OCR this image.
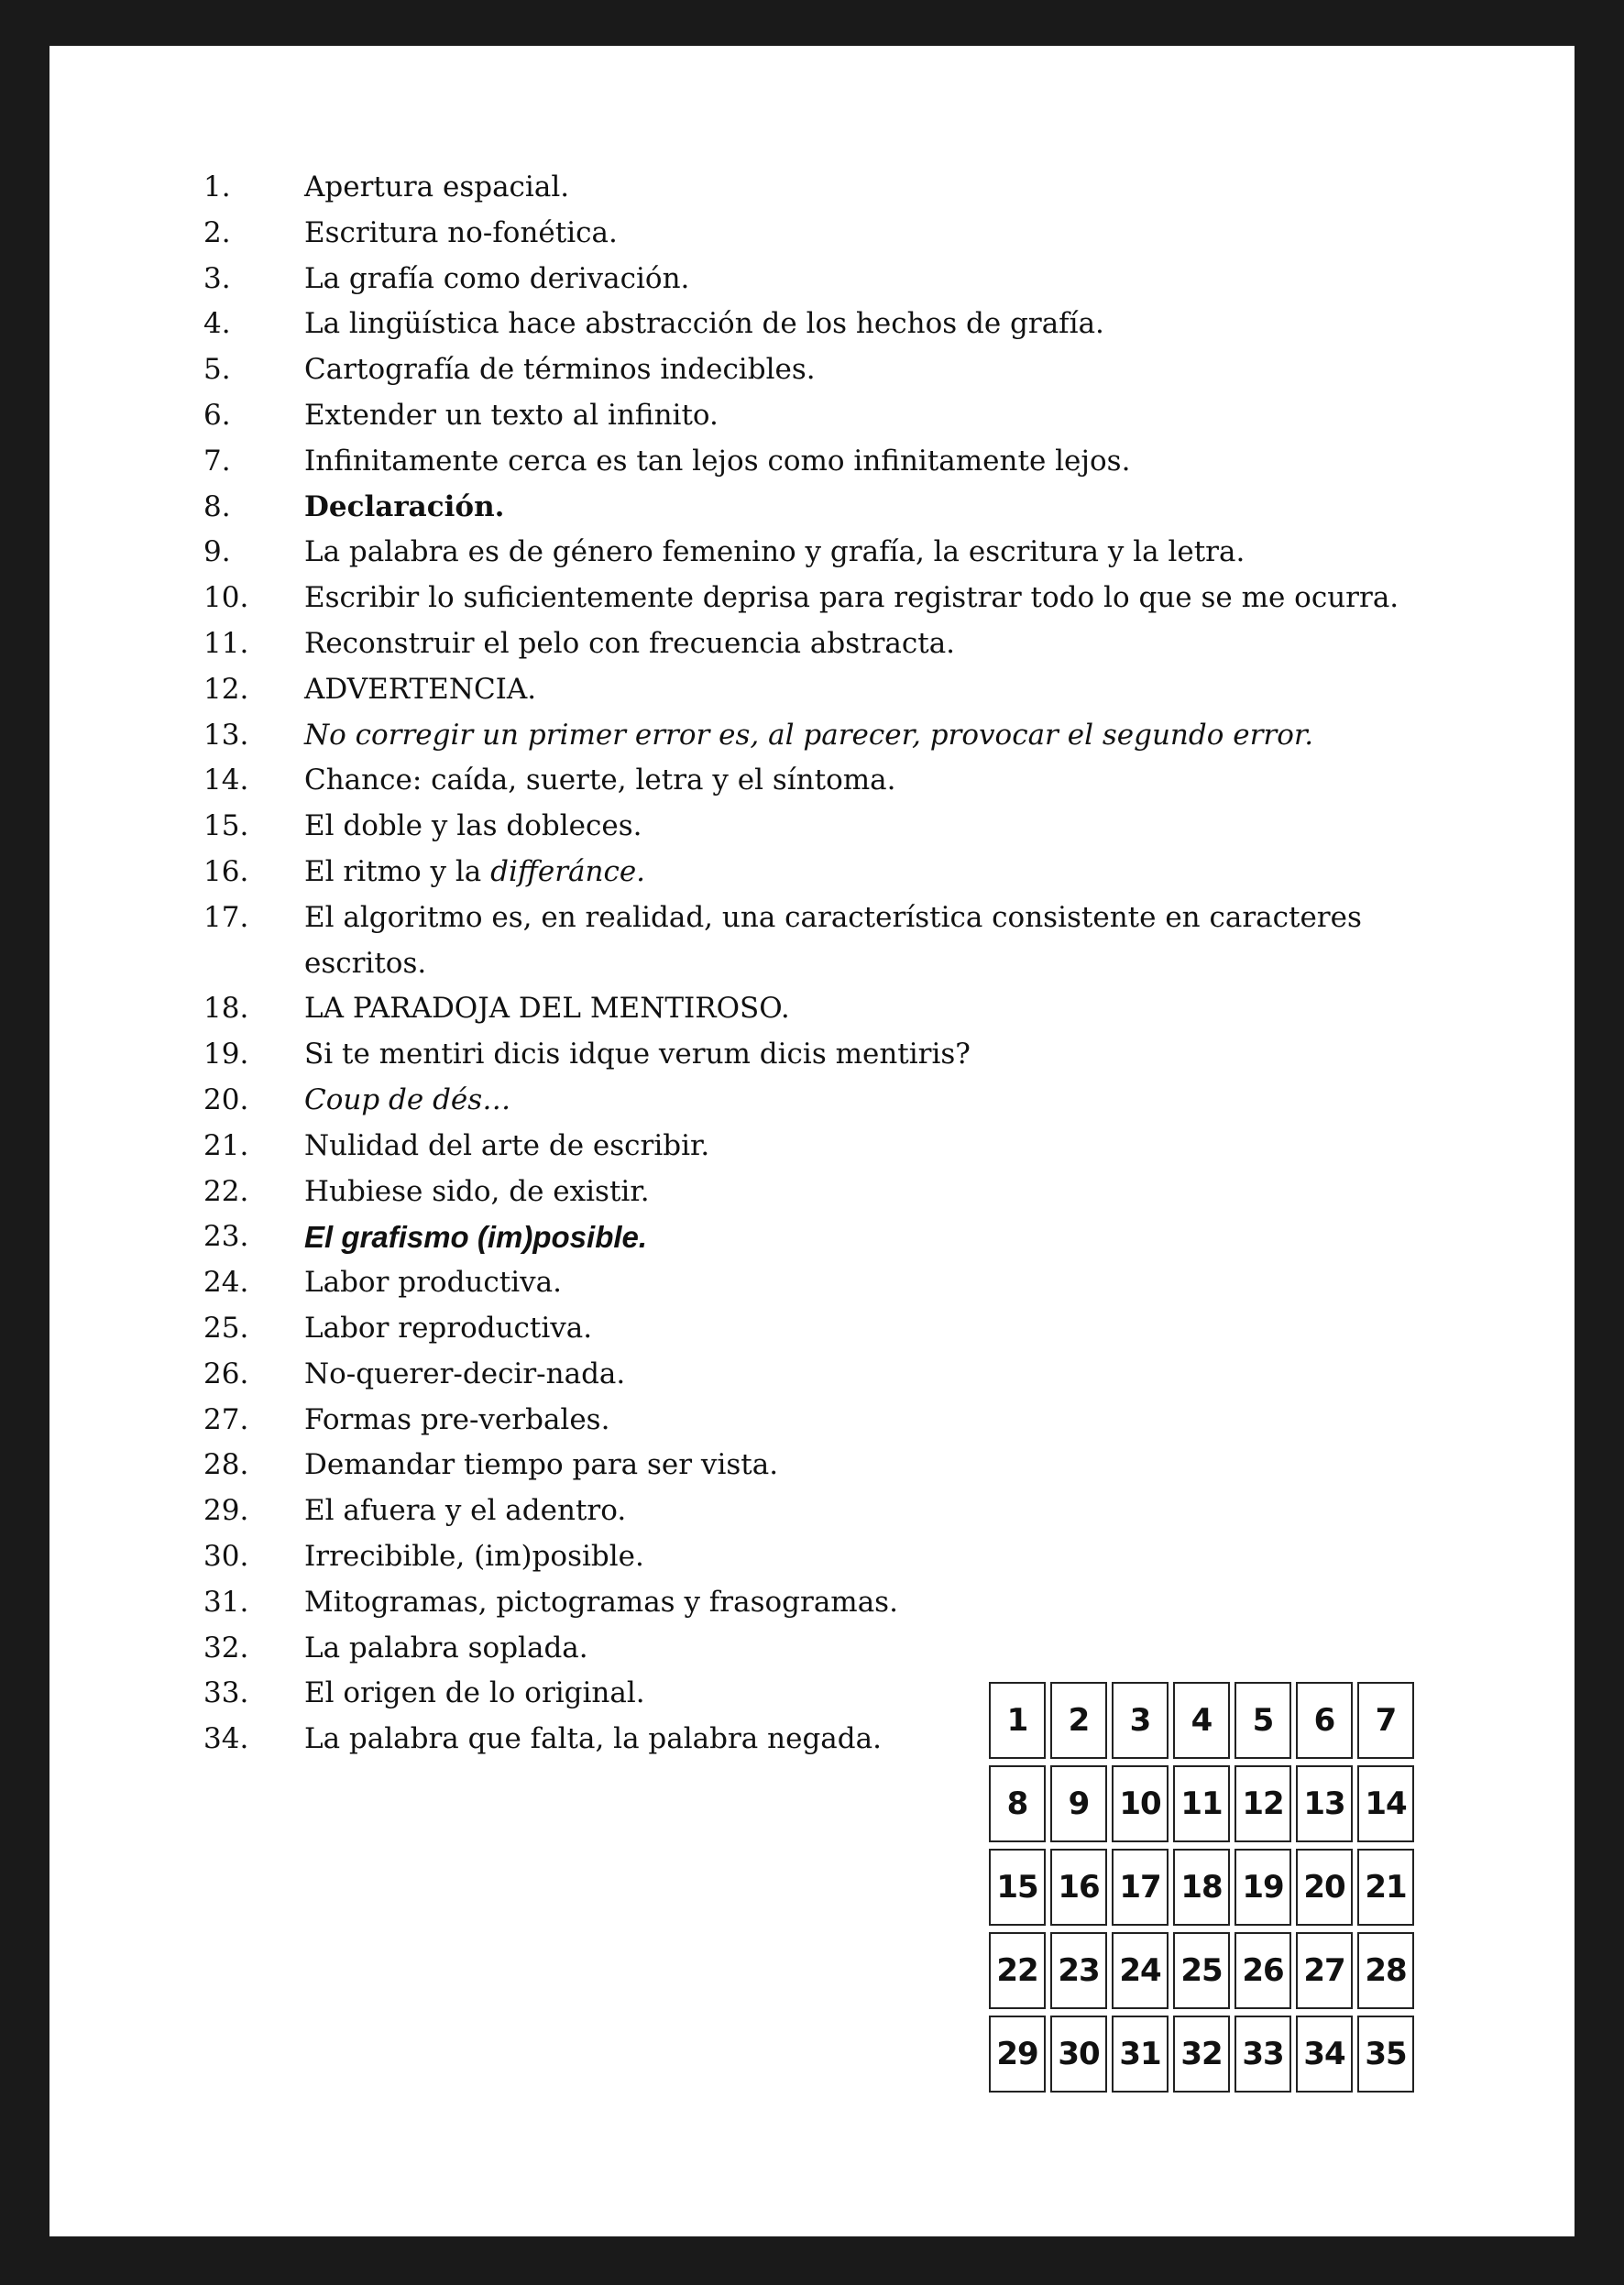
1.	Apertura espacial.
2.	Escritura no-fonética.
3.	La grafía como derivación.
4.	La lingüística hace abstracción de los hechos de grafía.
5.	Cartografía de términos indecibles.
6.	Extender un texto al infinito.
7.	Infinitamente cerca es tan lejos como infinitamente lejos.
8.	Declaración.
9.	La palabra es de género femenino y grafía, la escritura y la letra.
10.	Escribir lo suficientemente deprisa para registrar todo lo que se me ocurra.
11.	Reconstruir el pelo con frecuencia abstracta.
12.	ADVERTENCIA.
13.	No corregir un primer error es, al parecer, provocar el segundo error.
14.	Chance: caída, suerte, letra y el síntoma.
15.	El doble y las dobleces.
16.	El ritmo y la differánce.
17.	El algoritmo es, en realidad, una característica consistente en caracteres escritos.
18.	LA PARADOJA DEL MENTIROSO.
19.	Si te mentiri dicis idque verum dicis mentiris?
20.	Coup de dés…
21.	Nulidad del arte de escribir.
22.	Hubiese sido, de existir.
23.	El grafismo (im)posible.
24.	Labor productiva.
25.	Labor reproductiva.
26.	No-querer-decir-nada.
27.	Formas pre-verbales.
28.	Demandar tiempo para ser vista.
29.	El afuera y el adentro.
30.	Irrecibible, (im)posible.
31.	Mitogramas, pictogramas y frasogramas.
32.	La palabra soplada.
33.	El origen de lo original.
34.	La palabra que falta, la palabra negada.
1	2	3	4	5	6	7
8	9 10 11 12 13 14
15 16 17 18 19 20 21
22 23 24 25 26 27 28
29 30 31 32 33 34 35
